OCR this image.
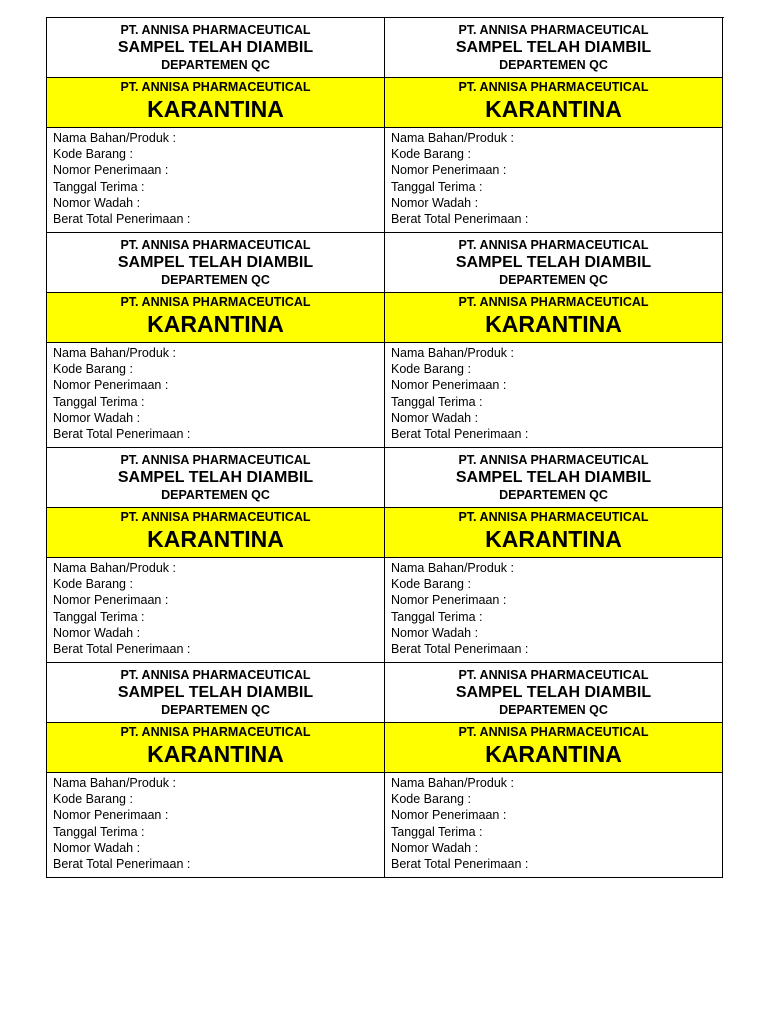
PT. ANNISA PHARMACEUTICAL
SAMPEL TELAH DIAMBIL
DEPARTEMEN QC
PT. ANNISA PHARMACEUTICAL
KARANTINA
Nama Bahan/Produk :
Kode Barang :
Nomor Penerimaan :
Tanggal Terima :
Nomor Wadah :
Berat Total Penerimaan :
PT. ANNISA PHARMACEUTICAL
SAMPEL TELAH DIAMBIL
DEPARTEMEN QC
PT. ANNISA PHARMACEUTICAL
KARANTINA
Nama Bahan/Produk :
Kode Barang :
Nomor Penerimaan :
Tanggal Terima :
Nomor Wadah :
Berat Total Penerimaan :
PT. ANNISA PHARMACEUTICAL
SAMPEL TELAH DIAMBIL
DEPARTEMEN QC
PT. ANNISA PHARMACEUTICAL
KARANTINA
Nama Bahan/Produk :
Kode Barang :
Nomor Penerimaan :
Tanggal Terima :
Nomor Wadah :
Berat Total Penerimaan :
PT. ANNISA PHARMACEUTICAL
SAMPEL TELAH DIAMBIL
DEPARTEMEN QC
PT. ANNISA PHARMACEUTICAL
KARANTINA
Nama Bahan/Produk :
Kode Barang :
Nomor Penerimaan :
Tanggal Terima :
Nomor Wadah :
Berat Total Penerimaan :
PT. ANNISA PHARMACEUTICAL
SAMPEL TELAH DIAMBIL
DEPARTEMEN QC
PT. ANNISA PHARMACEUTICAL
KARANTINA
Nama Bahan/Produk :
Kode Barang :
Nomor Penerimaan :
Tanggal Terima :
Nomor Wadah :
Berat Total Penerimaan :
PT. ANNISA PHARMACEUTICAL
SAMPEL TELAH DIAMBIL
DEPARTEMEN QC
PT. ANNISA PHARMACEUTICAL
KARANTINA
Nama Bahan/Produk :
Kode Barang :
Nomor Penerimaan :
Tanggal Terima :
Nomor Wadah :
Berat Total Penerimaan :
PT. ANNISA PHARMACEUTICAL
SAMPEL TELAH DIAMBIL
DEPARTEMEN QC
PT. ANNISA PHARMACEUTICAL
KARANTINA
Nama Bahan/Produk :
Kode Barang :
Nomor Penerimaan :
Tanggal Terima :
Nomor Wadah :
Berat Total Penerimaan :
PT. ANNISA PHARMACEUTICAL
SAMPEL TELAH DIAMBIL
DEPARTEMEN QC
PT. ANNISA PHARMACEUTICAL
KARANTINA
Nama Bahan/Produk :
Kode Barang :
Nomor Penerimaan :
Tanggal Terima :
Nomor Wadah :
Berat Total Penerimaan :
